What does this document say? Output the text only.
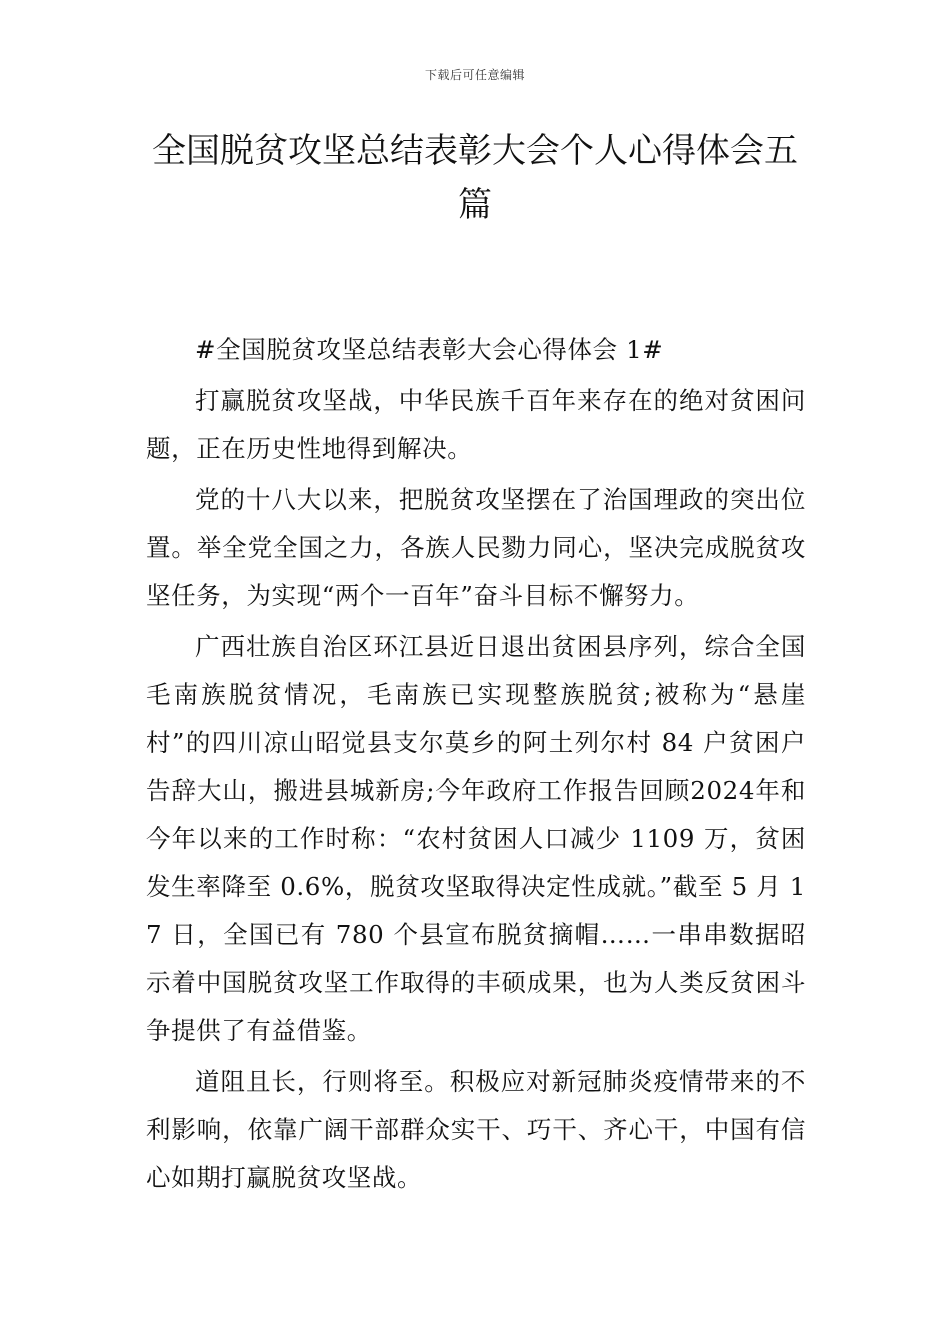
下载后可任意编辑
全国脱贫攻坚总结表彰大会个人心得体会五篇

#全国脱贫攻坚总结表彰大会心得体会 1#

打赢脱贫攻坚战，中华民族千百年来存在的绝对贫困问题，正在历史性地得到解决。

党的十八大以来，把脱贫攻坚摆在了治国理政的突出位置。举全党全国之力，各族人民勠力同心，坚决完成脱贫攻坚任务，为实现“两个一百年”奋斗目标不懈努力。

广西壮族自治区环江县近日退出贫困县序列，综合全国毛南族脱贫情况，毛南族已实现整族脱贫;被称为“悬崖村”的四川凉山昭觉县支尔莫乡的阿土列尔村 84 户贫困户告辞大山，搬进县城新房;今年政府工作报告回顾2024年和今年以来的工作时称：“农村贫困人口减少 1109 万，贫困发生率降至 0.6%，脱贫攻坚取得决定性成就。”截至 5 月 17 日，全国已有 780 个县宣布脱贫摘帽……一串串数据昭示着中国脱贫攻坚工作取得的丰硕成果，也为人类反贫困斗争提供了有益借鉴。

道阻且长，行则将至。积极应对新冠肺炎疫情带来的不利影响，依靠广阔干部群众实干、巧干、齐心干，中国有信心如期打赢脱贫攻坚战。
